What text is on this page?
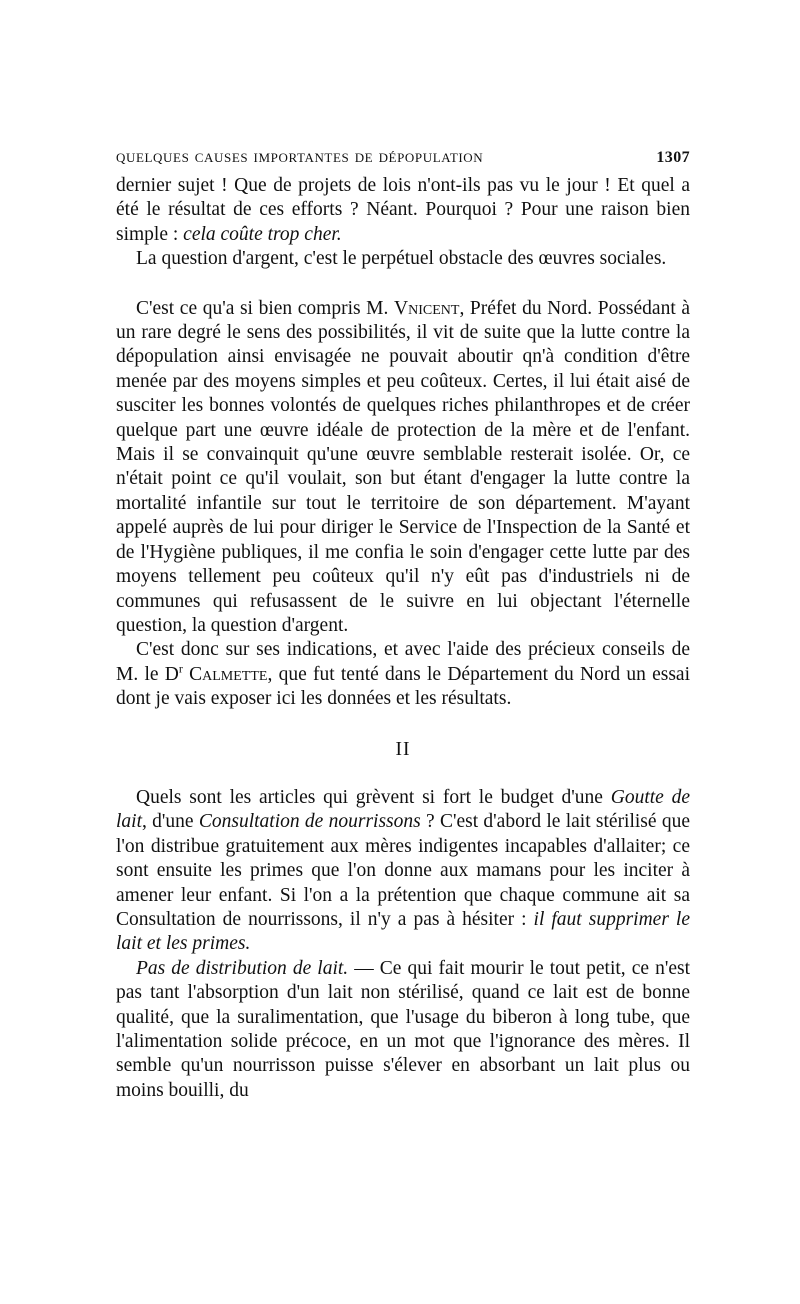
quelques causes importantes de dépopulation	1307

dernier sujet ! Que de projets de lois n'ont-ils pas vu le jour ! Et quel a été le résultat de ces efforts ? Néant. Pourquoi ? Pour une raison bien simple : cela coûte trop cher.

La question d'argent, c'est le perpétuel obstacle des œuvres sociales.

C'est ce qu'a si bien compris M. Vnicent, Préfet du Nord. Possédant à un rare degré le sens des possibilités, il vit de suite que la lutte contre la dépopulation ainsi envisagée ne pouvait aboutir qn'à condition d'être menée par des moyens simples et peu coûteux. Certes, il lui était aisé de susciter les bonnes volontés de quelques riches philanthropes et de créer quelque part une œuvre idéale de protection de la mère et de l'enfant. Mais il se convainquit qu'une œuvre semblable resterait isolée. Or, ce n'était point ce qu'il voulait, son but étant d'engager la lutte contre la mortalité infantile sur tout le territoire de son département. M'ayant appelé auprès de lui pour diriger le Service de l'Inspection de la Santé et de l'Hygiène publiques, il me confia le soin d'engager cette lutte par des moyens tellement peu coûteux qu'il n'y eût pas d'industriels ni de communes qui refusassent de le suivre en lui objectant l'éternelle question, la question d'argent.

C'est donc sur ses indications, et avec l'aide des précieux conseils de M. le $D^r$ Calmette, que fut tenté dans le Département du Nord un essai dont je vais exposer ici les données et les résultats.

II

Quels sont les articles qui grèvent si fort le budget d'une Goutte de lait, d'une Consultation de nourrissons ? C'est d'abord le lait stérilisé que l'on distribue gratuitement aux mères indigentes incapables d'allaiter; ce sont ensuite les primes que l'on donne aux mamans pour les inciter à amener leur enfant. Si l'on a la prétention que chaque commune ait sa Consultation de nourrissons, il n'y a pas à hésiter : il faut supprimer le lait et les primes.

Pas de distribution de lait. — Ce qui fait mourir le tout petit, ce n'est pas tant l'absorption d'un lait non stérilisé, quand ce lait est de bonne qualité, que la suralimentation, que l'usage du biberon à long tube, que l'alimentation solide précoce, en un mot que l'ignorance des mères. Il semble qu'un nourrisson puisse s'élever en absorbant un lait plus ou moins bouilli, du
